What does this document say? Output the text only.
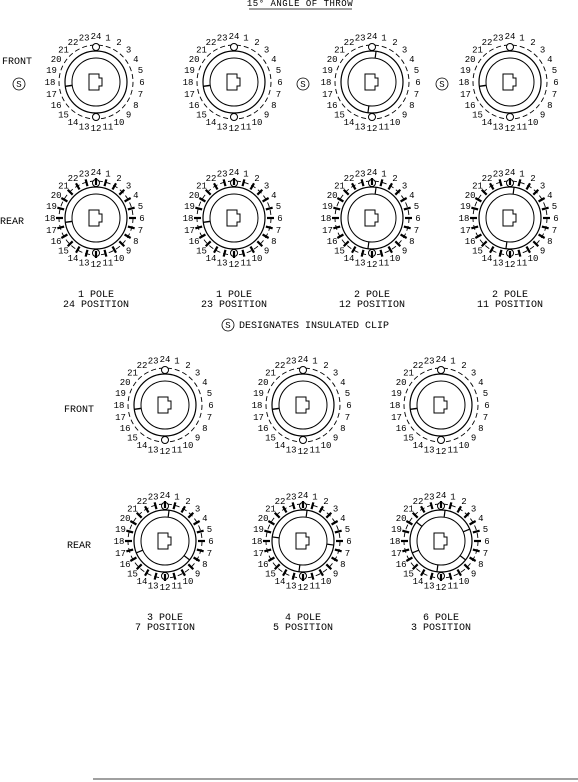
15° ANGLE OF THROW
FRONT
REAR
FRONT
REAR
S DESIGNATES INSULATED CLIP
1 2
3
4
5
6
7
8
9
10
11
12
13
14
15
16
17
18
19
20
21
22 23 24
1 2
3
4
5
6
7
8
9
10
11
12
13
14
15
16
17
18
19
20
21
22 23 24
1 POLE
24 POSITION
1 2
3
4
5
6
7
8
9
10
11
12
13
14
15
16
17
18
19
20
21
22 23 24
1 2
3
4
5
6
7
8
9
10
11
12
13
14
15
16
17
18
19
20
21
22 23 24
1 POLE
23 POSITION
1 2
3
4
5
6
7
8
9
10
11
12
13
14
15
16
17
18
19
20
21
22 23 24
1 2
3
4
5
6
7
8
9
10
11
12
13
14
15
16
17
18
19
20
21
22 23 24
2 POLE
12 POSITION
1 2
3
4
5
6
7
8
9
10
11
12
13
14
15
16
17
18
19
20
21
22 23 24
1 2
3
4
5
6
7
8
9
10
11
12
13
14
15
16
17
18
19
20
21
22 23 24
2 POLE
11 POSITION
S	S	S
1 2
3
4
5
6
7
8
9
10
11
12
13
14
15
16
17
18
19
20
21
22 23 24
1 2
3
4
5
6
7
8
9
10
11
12
13
14
15
16
17
18
19
20
21
22 23 24
3 POLE
7 POSITION
1 2
3
4
5
6
7
8
9
10
11
12
13
14
15
16
17
18
19
20
21
22 23 24
1 2
3
4
5
6
7
8
9
10
11
12
13
14
15
16
17
18
19
20
21
22 23 24
4 POLE
5 POSITION
1 2
3
4
5
6
7
8
9
10
11
12
13
14
15
16
17
18
19
20
21
22 23 24
1 2
3
4
5
6
7
8
9
10
11
12
13
14
15
16
17
18
19
20
21
22 23 24
6 POLE
3 POSITION
